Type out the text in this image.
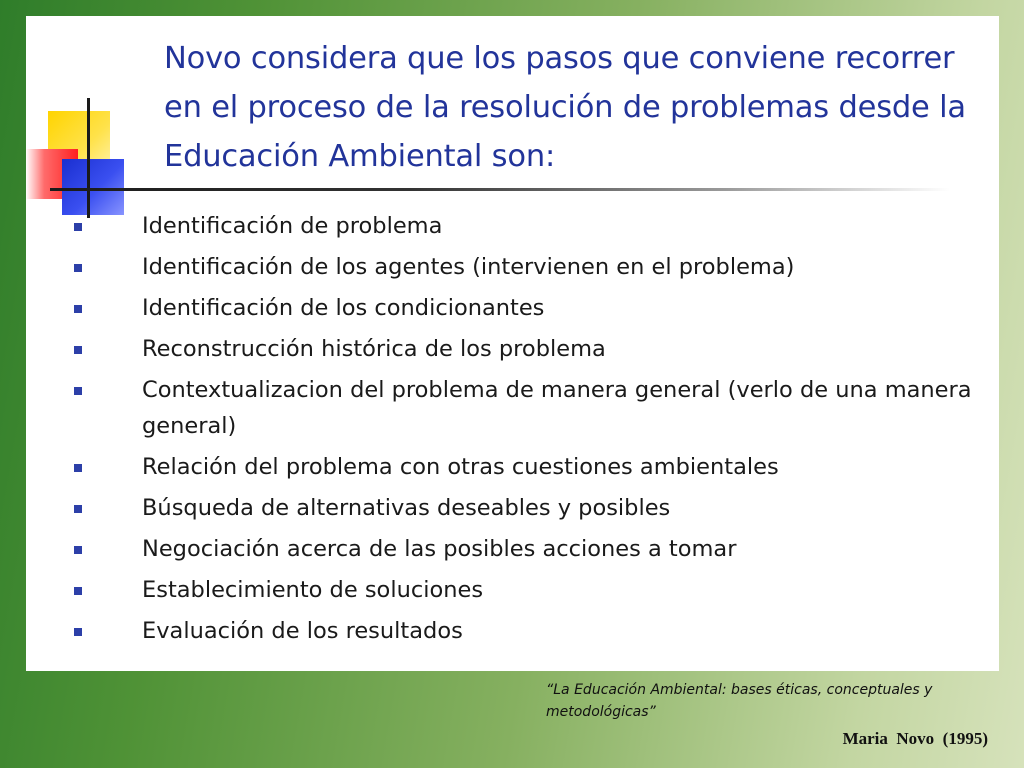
Novo considera que los pasos que conviene recorrer en el proceso de la resolución de problemas desde la Educación Ambiental son:
Identificación de problema
Identificación de los agentes (intervienen en el problema)
Identificación de los condicionantes
Reconstrucción histórica de los problema
Contextualizacion del problema de manera general (verlo de una manera general)
Relación del problema con otras cuestiones ambientales
Búsqueda de alternativas deseables y posibles
Negociación acerca de las posibles acciones a tomar
Establecimiento de soluciones
Evaluación de los resultados
“La Educación Ambiental: bases éticas, conceptuales y metodológicas”
Maria  Novo  (1995)
